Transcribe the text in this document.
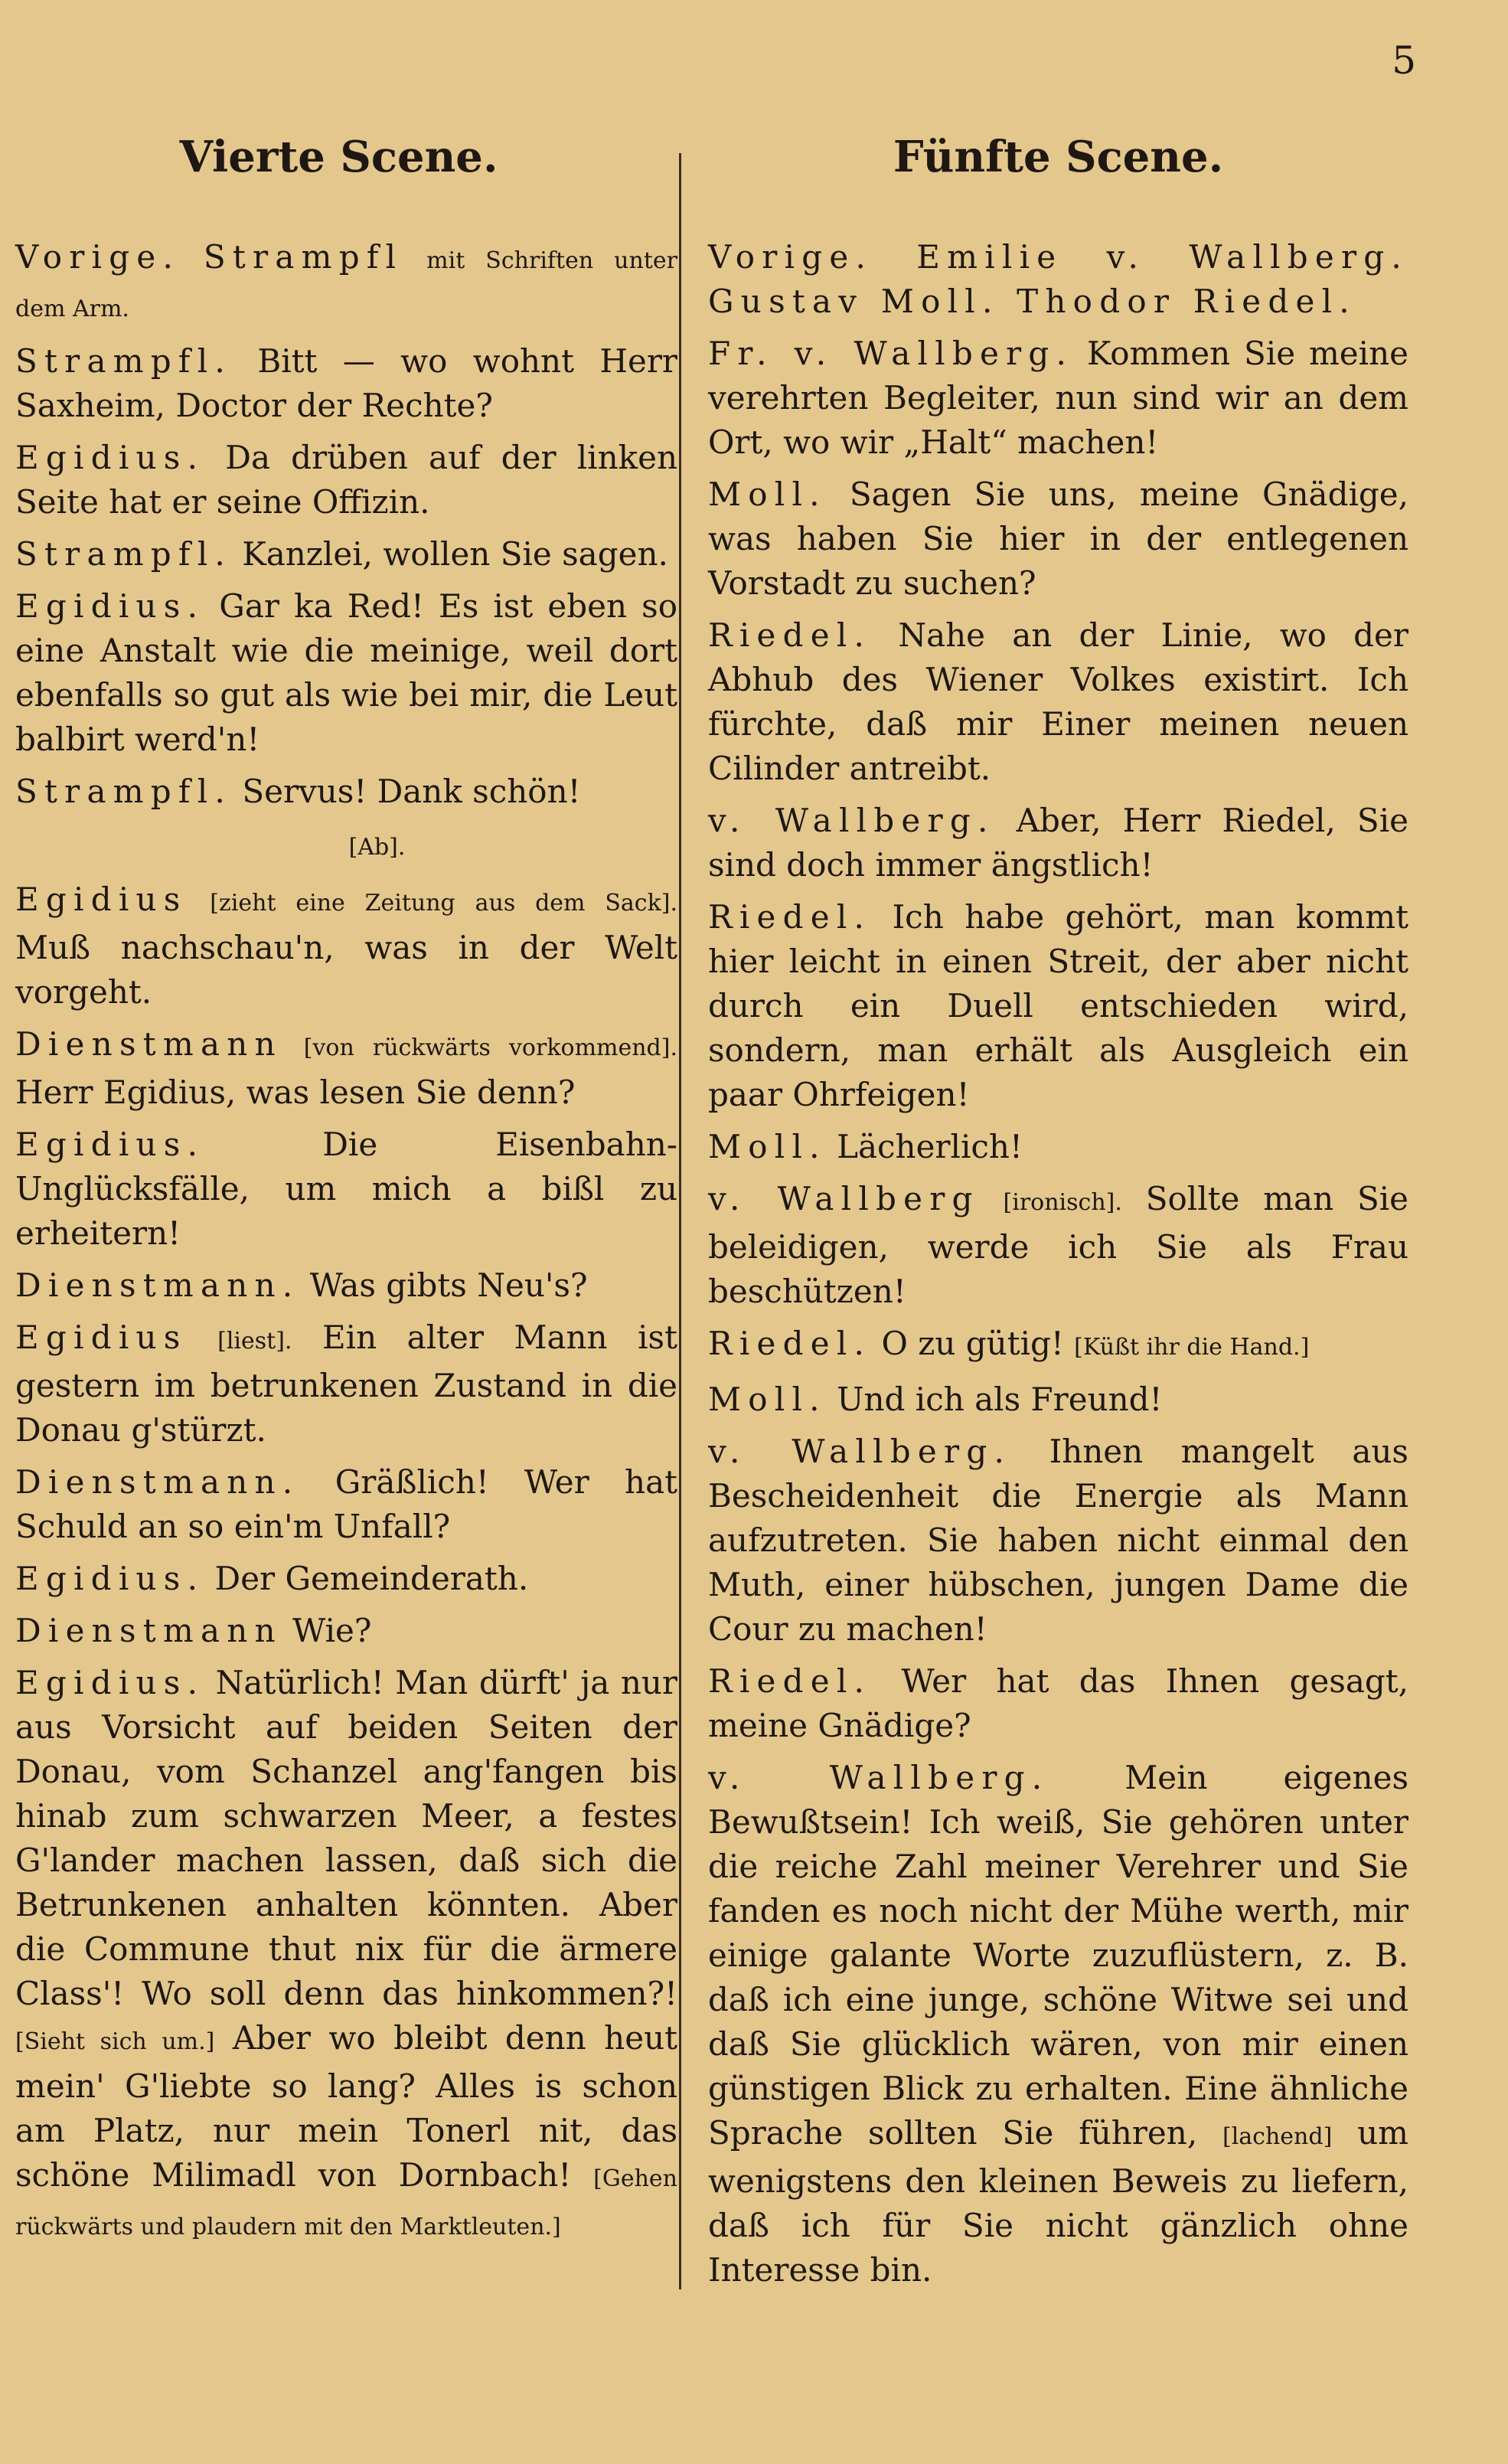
5
Vierte Scene.

Vorige. Strampfl mit Schriften unter dem Arm.

Strampfl. Bitt — wo wohnt Herr Saxheim, Doctor der Rechte?

Egidius. Da drüben auf der linken Seite hat er seine Offizin.

Strampfl. Kanzlei, wollen Sie sagen.

Egidius. Gar ka Red! Es ist eben so eine Anstalt wie die meinige, weil dort ebenfalls so gut als wie bei mir, die Leut balbirt werd'n!

Strampfl. Servus! Dank schön!

[Ab].

Egidius [zieht eine Zeitung aus dem Sack]. Muß nachschau'n, was in der Welt vorgeht.

Dienstmann [von rückwärts vorkommend]. Herr Egidius, was lesen Sie denn?

Egidius.	Die Eisenbahn-Unglücksfälle, um mich a bißl zu erheitern!

Dienstmann. Was gibts Neu's?

Egidius [liest]. Ein alter Mann ist gestern im betrunkenen Zustand in die Donau g'stürzt.

Dienstmann. Gräßlich! Wer hat Schuld an so ein'm Unfall?

Egidius. Der Gemeinderath.

Dienstmann Wie?

Egidius. Natürlich! Man dürft' ja nur aus Vorsicht auf beiden Seiten der Donau, vom Schanzel ang'fangen bis hinab zum schwarzen Meer, a festes G'lander machen lassen, daß sich die Betrunkenen anhalten könnten. Aber die Commune thut nix für die ärmere Class'! Wo soll denn das hinkommen?! [Sieht sich um.] Aber wo bleibt denn heut mein' G'liebte so lang? Alles is schon am Platz, nur mein Tonerl nit, das schöne Milimadl von Dornbach! [Gehen rückwärts und plaudern mit den Marktleuten.]

Fünfte Scene.

Vorige. Emilie v. Wallberg. Gustav Moll. Thodor Riedel.

Fr. v. Wallberg. Kommen Sie meine verehrten Begleiter, nun sind wir an dem Ort, wo wir „Halt“ machen!

Moll. Sagen Sie uns, meine Gnädige, was haben Sie hier in der entlegenen Vorstadt zu suchen?

Riedel. Nahe an der Linie, wo der Abhub des Wiener Volkes existirt. Ich fürchte, daß mir Einer meinen neuen Cilinder antreibt.

v. Wallberg. Aber, Herr Riedel, Sie sind doch immer ängstlich!

Riedel. Ich habe gehört, man kommt hier leicht in einen Streit, der aber nicht durch ein Duell entschieden wird, sondern, man erhält als Ausgleich ein paar Ohrfeigen!

Moll. Lächerlich!

v. Wallberg [ironisch]. Sollte man Sie beleidigen, werde ich Sie als Frau beschützen!

Riedel. O zu gütig! [Küßt ihr die Hand.]

Moll. Und ich als Freund!

v. Wallberg. Ihnen mangelt aus Bescheidenheit die Energie als Mann aufzutreten. Sie haben nicht einmal den Muth, einer hübschen, jungen Dame die Cour zu machen!

Riedel. Wer hat das Ihnen gesagt, meine Gnädige?

v. Wallberg. Mein eigenes Bewußtsein! Ich weiß, Sie gehören unter die reiche Zahl meiner Verehrer und Sie fanden es noch nicht der Mühe werth, mir einige galante Worte zuzuflüstern, z. B. daß ich eine junge, schöne Witwe sei und daß Sie glücklich wären, von mir einen günstigen Blick zu erhalten. Eine ähnliche Sprache sollten Sie führen, [lachend] um wenigstens den kleinen Beweis zu liefern, daß ich für Sie nicht gänzlich ohne Interesse bin.
